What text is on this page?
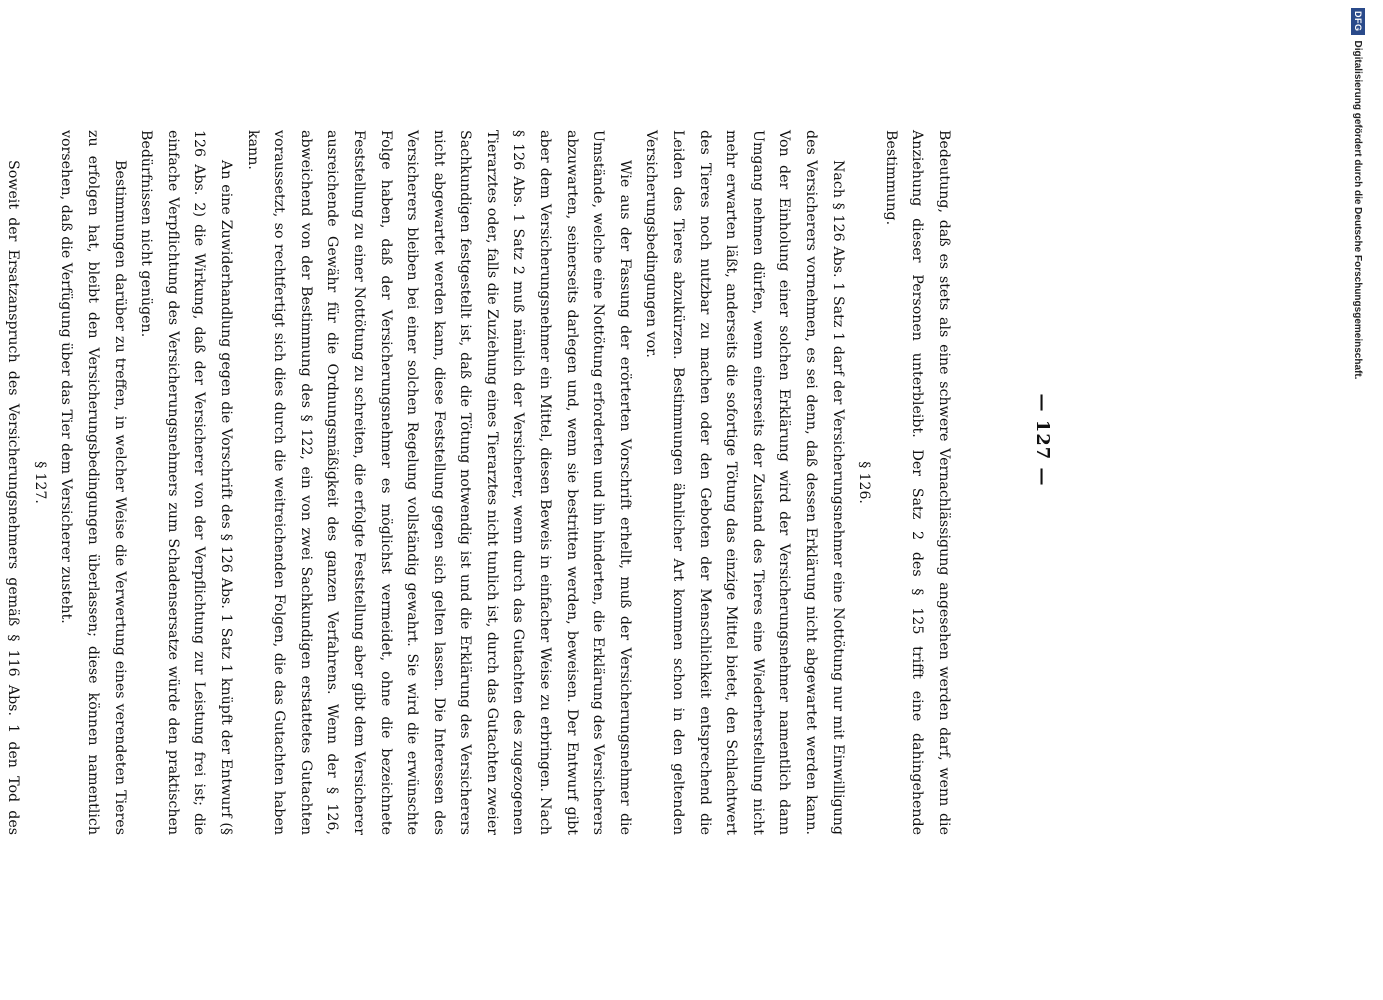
— 127 —

Bedeutung, daß es stets als eine schwere Vernachlässigung angesehen werden darf, wenn die Anziehung dieser Personen unterbleibt. Der Satz 2 des § 125 trifft eine dahingehende Bestimmung.

§ 126.

Nach § 126 Abs. 1 Satz 1 darf der Versicherungsnehmer eine Nottötung nur mit Einwilligung des Versicherers vornehmen, es sei denn, daß dessen Erklärung nicht abgewartet werden kann. Von der Einholung einer solchen Erklärung wird der Versicherungsnehmer namentlich dann Umgang nehmen dürfen, wenn einerseits der Zustand des Tieres eine Wiederherstellung nicht mehr erwarten läßt, anderseits die sofortige Tötung das einzige Mittel bietet, den Schlachtwert des Tieres noch nutzbar zu machen oder den Geboten der Menschlichkeit entsprechend die Leiden des Tieres abzukürzen. Bestimmungen ähnlicher Art kommen schon in den geltenden Versicherungsbedingungen vor.

Wie aus der Fassung der erörterten Vorschrift erhellt, muß der Versicherungsnehmer die Umstände, welche eine Nottötung erforderten und ihn hinderten, die Erklärung des Versicherers abzuwarten, seinerseits darlegen und, wenn sie bestritten werden, beweisen. Der Entwurf gibt aber dem Versicherungsnehmer ein Mittel, diesen Beweis in einfacher Weise zu erbringen. Nach § 126 Abs. 1 Satz 2 muß nämlich der Versicherer, wenn durch das Gutachten des zugezogenen Tierarztes oder, falls die Zuziehung eines Tierarztes nicht tunlich ist, durch das Gutachten zweier Sachkundigen festgestellt ist, daß die Tötung notwendig ist und die Erklärung des Versicherers nicht abgewartet werden kann, diese Feststellung gegen sich gelten lassen. Die Interessen des Versicherers bleiben bei einer solchen Regelung vollständig gewahrt. Sie wird die erwünschte Folge haben, daß der Versicherungsnehmer es möglichst vermeidet, ohne die bezeichnete Feststellung zu einer Nottötung zu schreiten, die erfolgte Feststellung aber gibt dem Versicherer ausreichende Gewähr für die Ordnungsmäßigkeit des ganzen Verfahrens. Wenn der § 126, abweichend von der Bestimmung des § 122, ein von zwei Sachkundigen erstattetes Gutachten voraussetzt, so rechtfertigt sich dies durch die weitreichenden Folgen, die das Gutachten haben kann.

An eine Zuwiderhandlung gegen die Vorschrift des § 126 Abs. 1 Satz 1 knüpft der Entwurf (§ 126 Abs. 2) die Wirkung, daß der Versicherer von der Verpflichtung zur Leistung frei ist; die einfache Verpflichtung des Versicherungsnehmers zum Schadensersatze würde den praktischen Bedürfnissen nicht genügen.

Bestimmungen darüber zu treffen, in welcher Weise die Verwertung eines verendeten Tieres zu erfolgen hat, bleibt den Versicherungsbedingungen überlassen; diese können namentlich vorsehen, daß die Verfügung über das Tier dem Versicherer zusteht.

§ 127.

Soweit der Ersatzanspruch des Versicherungsnehmers gemäß § 116 Abs. 1 den Tod des

DFGDigitalisierung gefördert durch die Deutsche Forschungsgemeinschaft.
